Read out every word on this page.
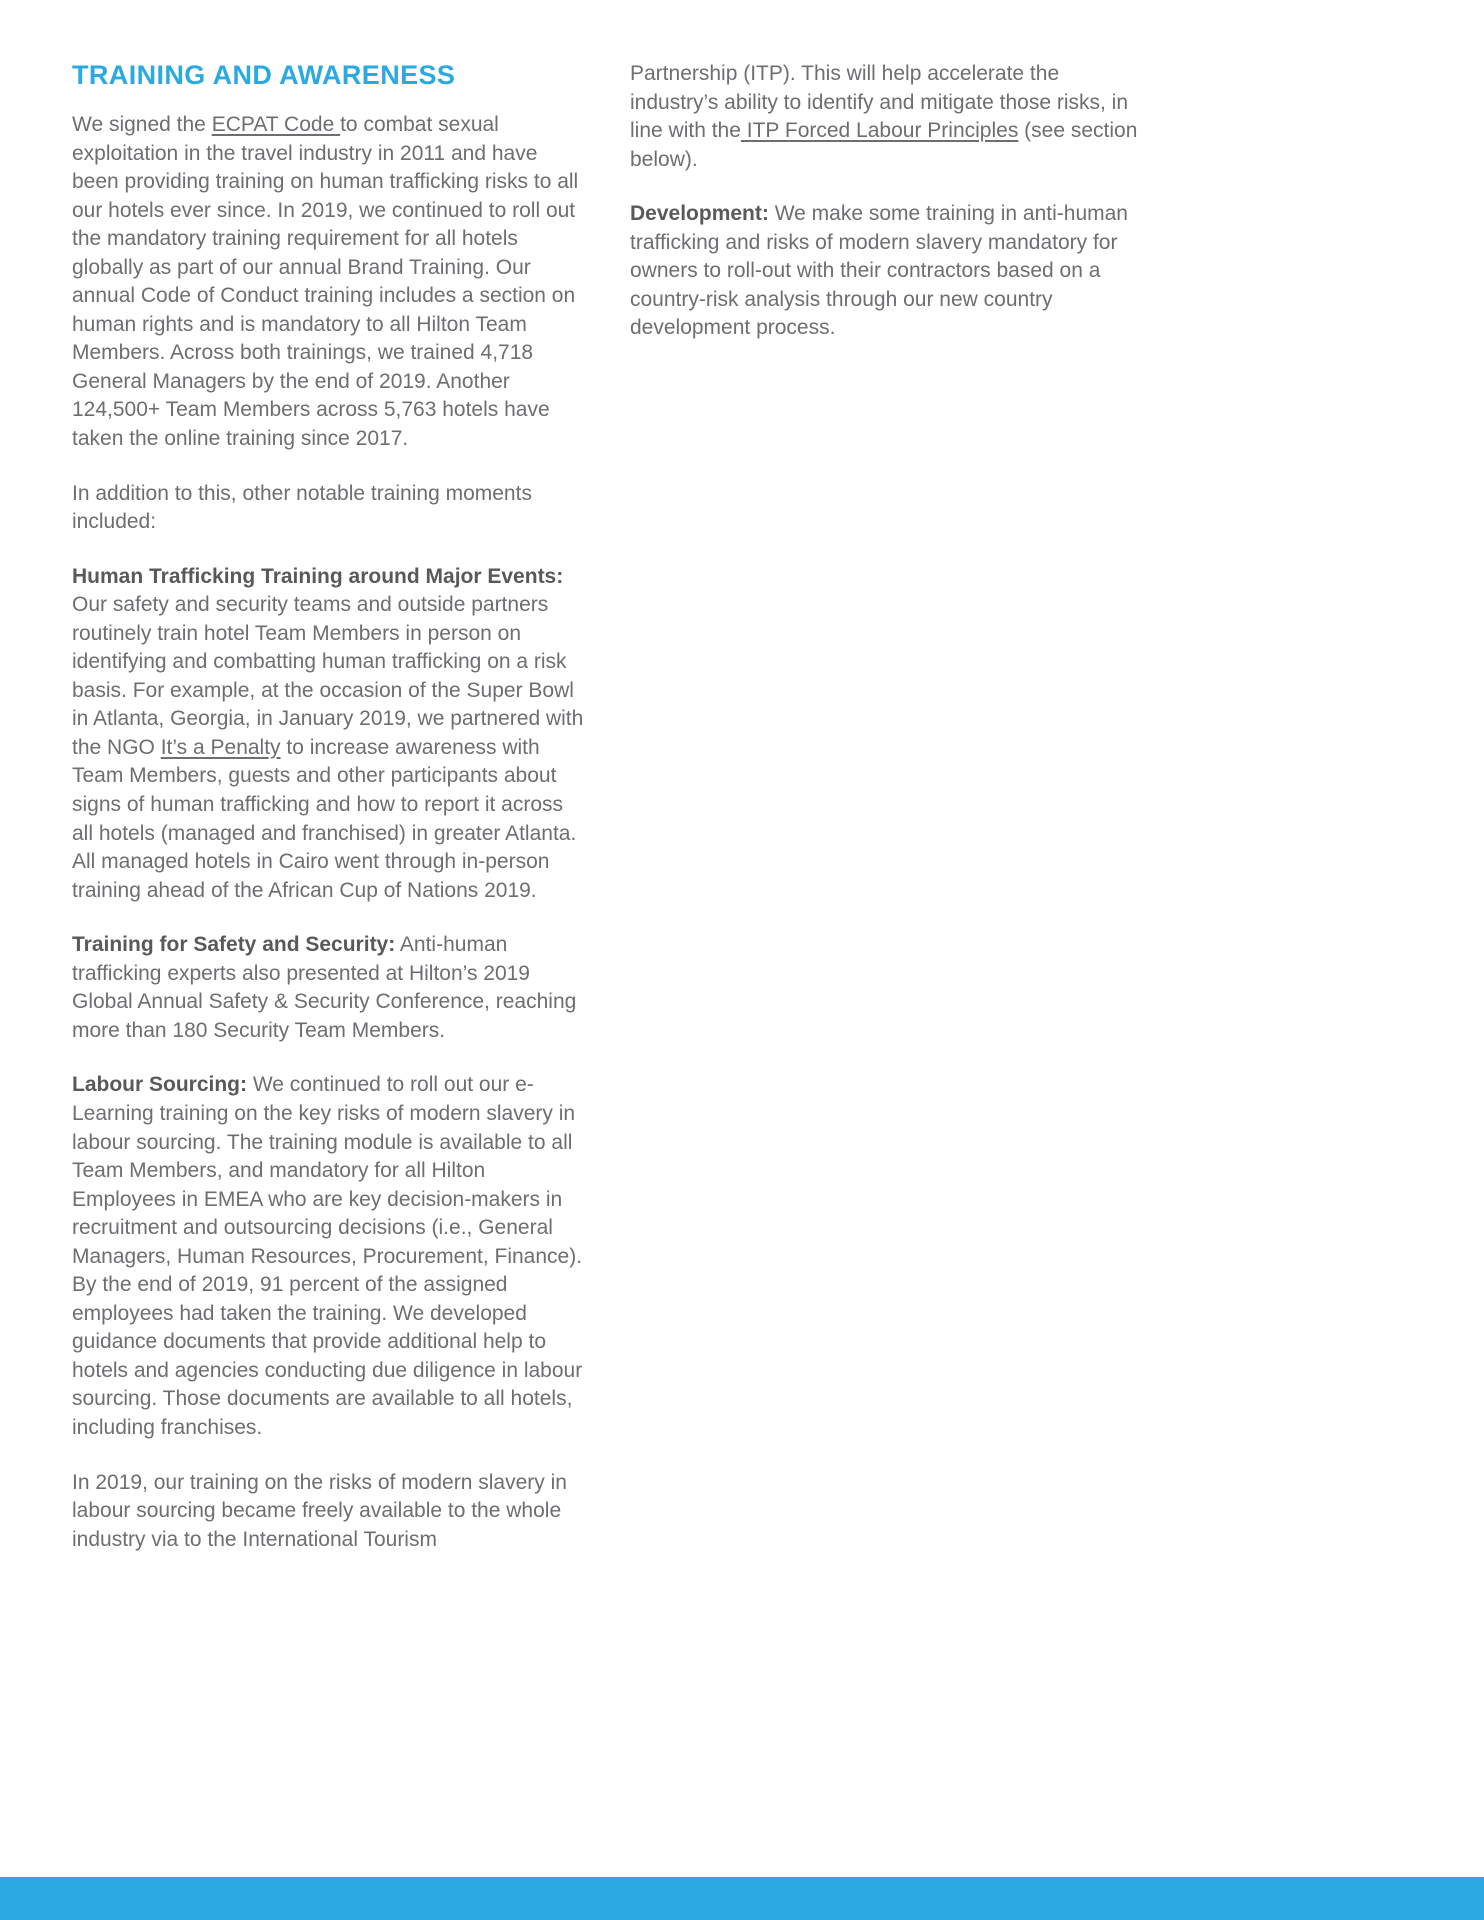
TRAINING AND AWARENESS

We signed the ECPAT Code to combat sexual exploitation in the travel industry in 2011 and have been providing training on human trafficking risks to all our hotels ever since. In 2019, we continued to roll out the mandatory training requirement for all hotels globally as part of our annual Brand Training. Our annual Code of Conduct training includes a section on human rights and is mandatory to all Hilton Team Members. Across both trainings, we trained 4,718 General Managers by the end of 2019. Another 124,500+ Team Members across 5,763 hotels have taken the online training since 2017.

In addition to this, other notable training moments included:

Human Trafficking Training around Major Events: Our safety and security teams and outside partners routinely train hotel Team Members in person on identifying and combatting human trafficking on a risk basis. For example, at the occasion of the Super Bowl in Atlanta, Georgia, in January 2019, we partnered with the NGO It’s a Penalty to increase awareness with Team Members, guests and other participants about signs of human trafficking and how to report it across all hotels (managed and franchised) in greater Atlanta. All managed hotels in Cairo went through in-person training ahead of the African Cup of Nations 2019.

Training for Safety and Security: Anti-human trafficking experts also presented at Hilton’s 2019 Global Annual Safety & Security Conference, reaching more than 180 Security Team Members.

Labour Sourcing: We continued to roll out our e-Learning training on the key risks of modern slavery in labour sourcing. The training module is available to all Team Members, and mandatory for all Hilton Employees in EMEA who are key decision-makers in recruitment and outsourcing decisions (i.e., General Managers, Human Resources, Procurement, Finance). By the end of 2019, 91 percent of the assigned employees had taken the training. We developed guidance documents that provide additional help to hotels and agencies conducting due diligence in labour sourcing. Those documents are available to all hotels, including franchises.

In 2019, our training on the risks of modern slavery in labour sourcing became freely available to the whole industry via to the International Tourism

Partnership (ITP). This will help accelerate the industry’s ability to identify and mitigate those risks, in line with the ITP Forced Labour Principles (see section below).

Development: We make some training in anti-human trafficking and risks of modern slavery mandatory for owners to roll-out with their contractors based on a country-risk analysis through our new country development process.
